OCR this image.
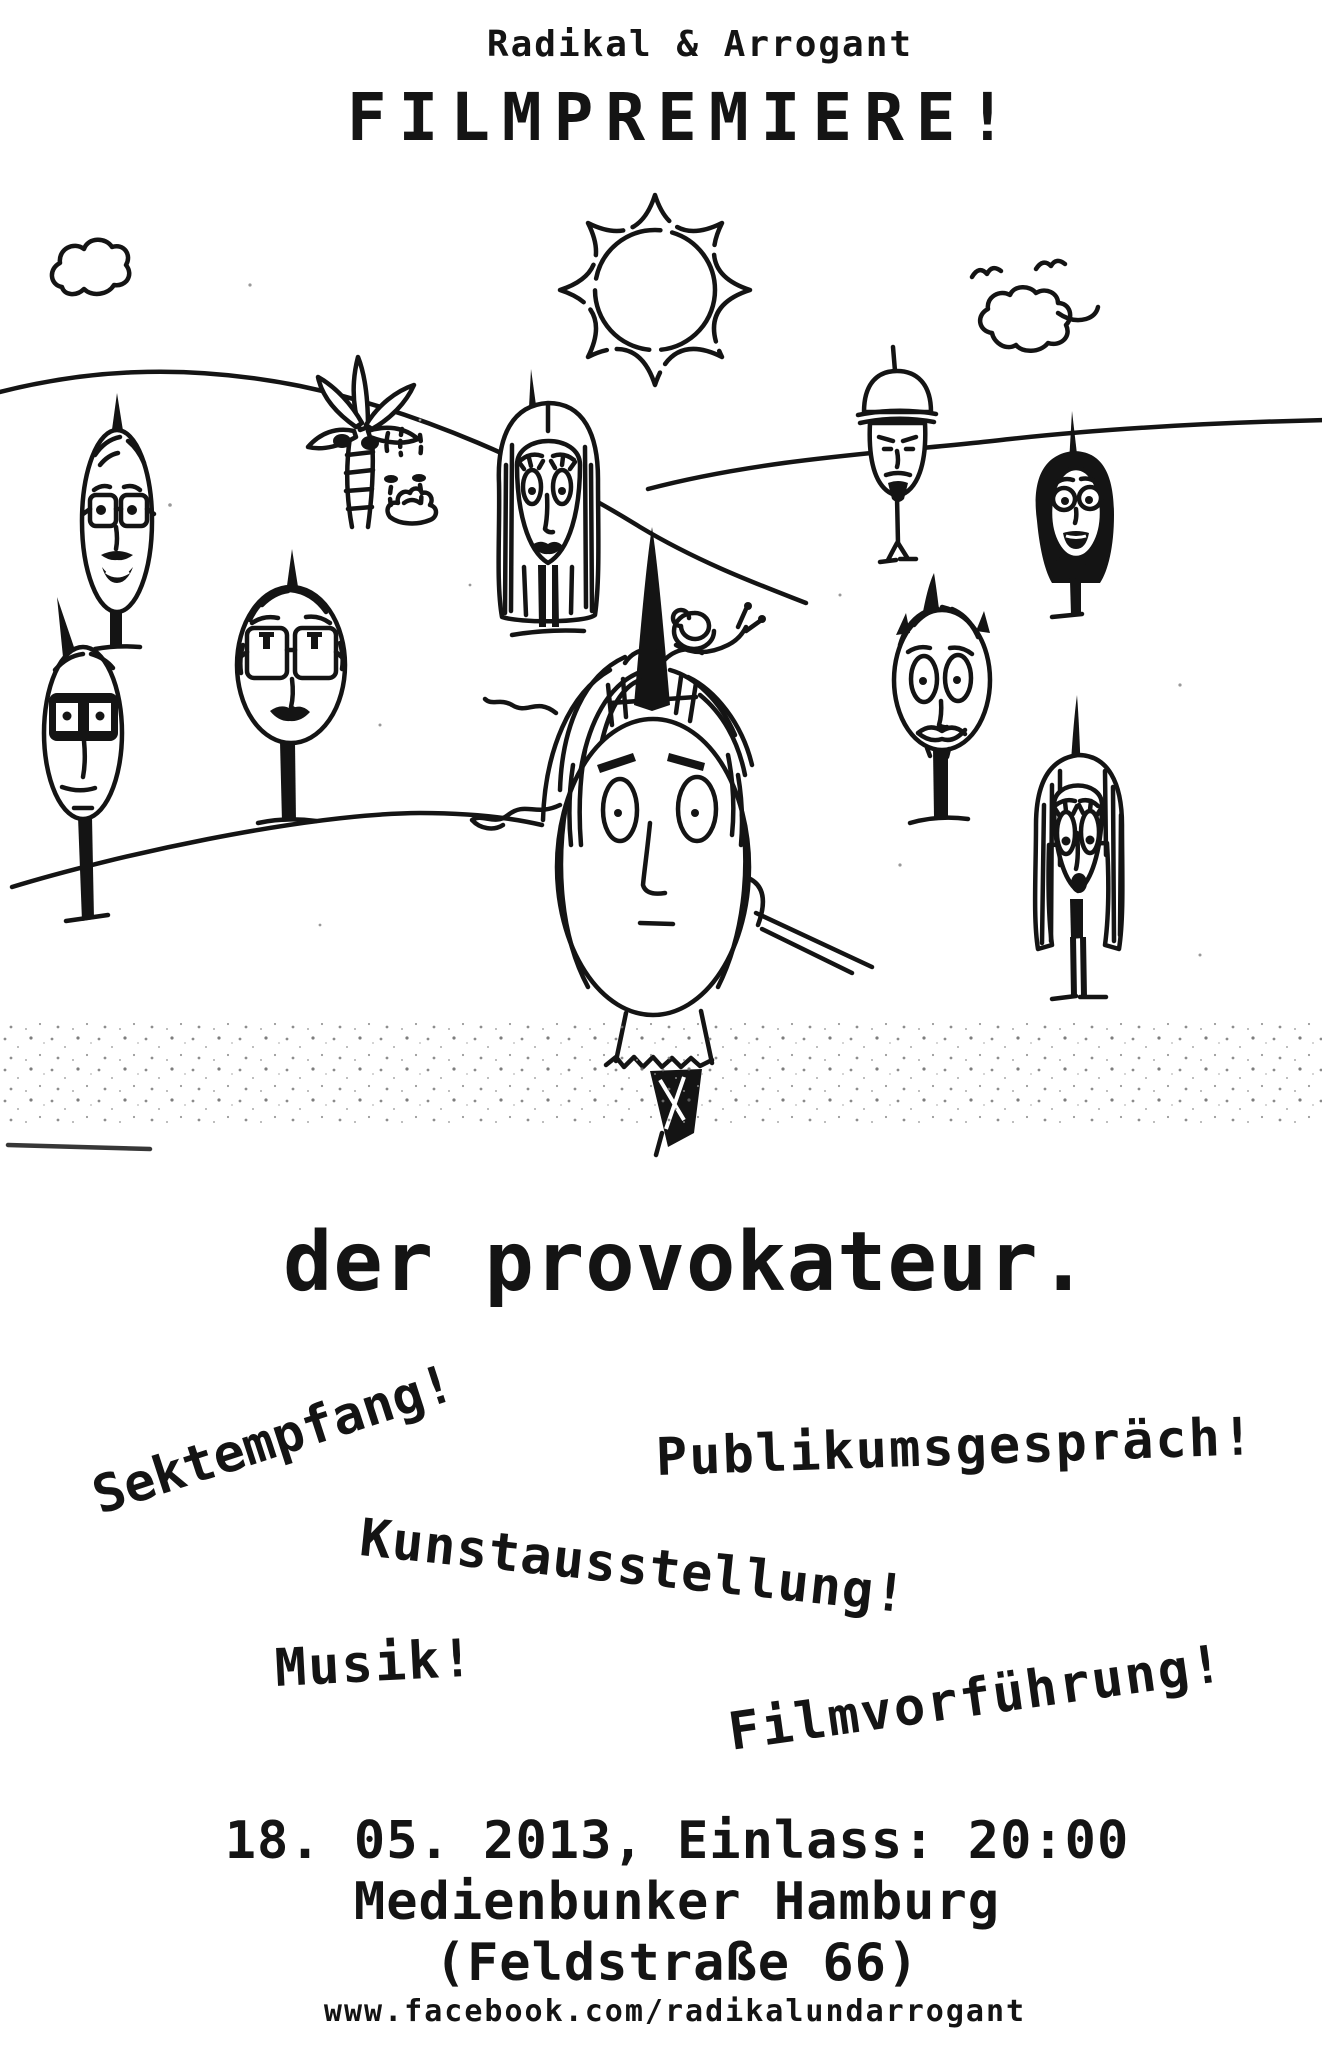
Radikal & Arrogant
FILMPREMIERE!
der provokateur.
Sektempfang!	Publikumsgespräch!
Kunstausstellung!
Musik!	Filmvorführung!
18. 05. 2013, Einlass: 20:00
Medienbunker Hamburg
(Feldstraße 66)
www.facebook.com/radikalundarrogant
